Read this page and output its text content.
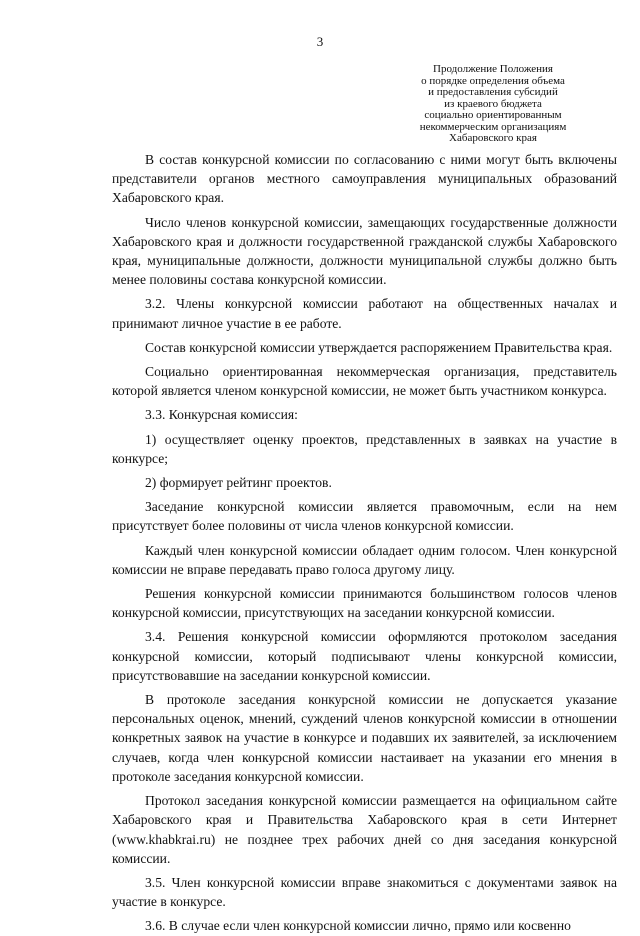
3
Продолжение Положения
о порядке определения объема
и предоставления субсидий
из краевого бюджета
социально ориентированным
некоммерческим организациям
Хабаровского края

В состав конкурсной комиссии по согласованию с ними могут быть включены представители органов местного самоуправления муниципальных образований Хабаровского края.

Число членов конкурсной комиссии, замещающих государственные должности Хабаровского края и должности государственной гражданской службы Хабаровского края, муниципальные должности, должности муниципальной службы должно быть менее половины состава конкурсной комиссии.

3.2. Члены конкурсной комиссии работают на общественных началах и принимают личное участие в ее работе.

Состав конкурсной комиссии утверждается распоряжением Правительства края.

Социально ориентированная некоммерческая организация, представитель которой является членом конкурсной комиссии, не может быть участником конкурса.

3.3. Конкурсная комиссия:

1) осуществляет оценку проектов, представленных в заявках на участие в конкурсе;

2) формирует рейтинг проектов.

Заседание конкурсной комиссии является правомочным, если на нем присутствует более половины от числа членов конкурсной комиссии.

Каждый член конкурсной комиссии обладает одним голосом. Член конкурсной комиссии не вправе передавать право голоса другому лицу.

Решения конкурсной комиссии принимаются большинством голосов членов конкурсной комиссии, присутствующих на заседании конкурсной комиссии.

3.4. Решения конкурсной комиссии оформляются протоколом заседания конкурсной комиссии, который подписывают члены конкурсной комиссии, присутствовавшие на заседании конкурсной комиссии.

В протоколе заседания конкурсной комиссии не допускается указание персональных оценок, мнений, суждений членов конкурсной комиссии в отношении конкретных заявок на участие в конкурсе и подавших их заявителей, за исключением случаев, когда член конкурсной комиссии настаивает на указании его мнения в протоколе заседания конкурсной комиссии.

Протокол заседания конкурсной комиссии размещается на официальном сайте Хабаровского края и Правительства Хабаровского края в сети Интернет (www.khabkrai.ru) не позднее трех рабочих дней со дня заседания конкурсной комиссии.

3.5. Член конкурсной комиссии вправе знакомиться с документами заявок на участие в конкурсе.

3.6. В случае если член конкурсной комиссии лично, прямо или косвенно
